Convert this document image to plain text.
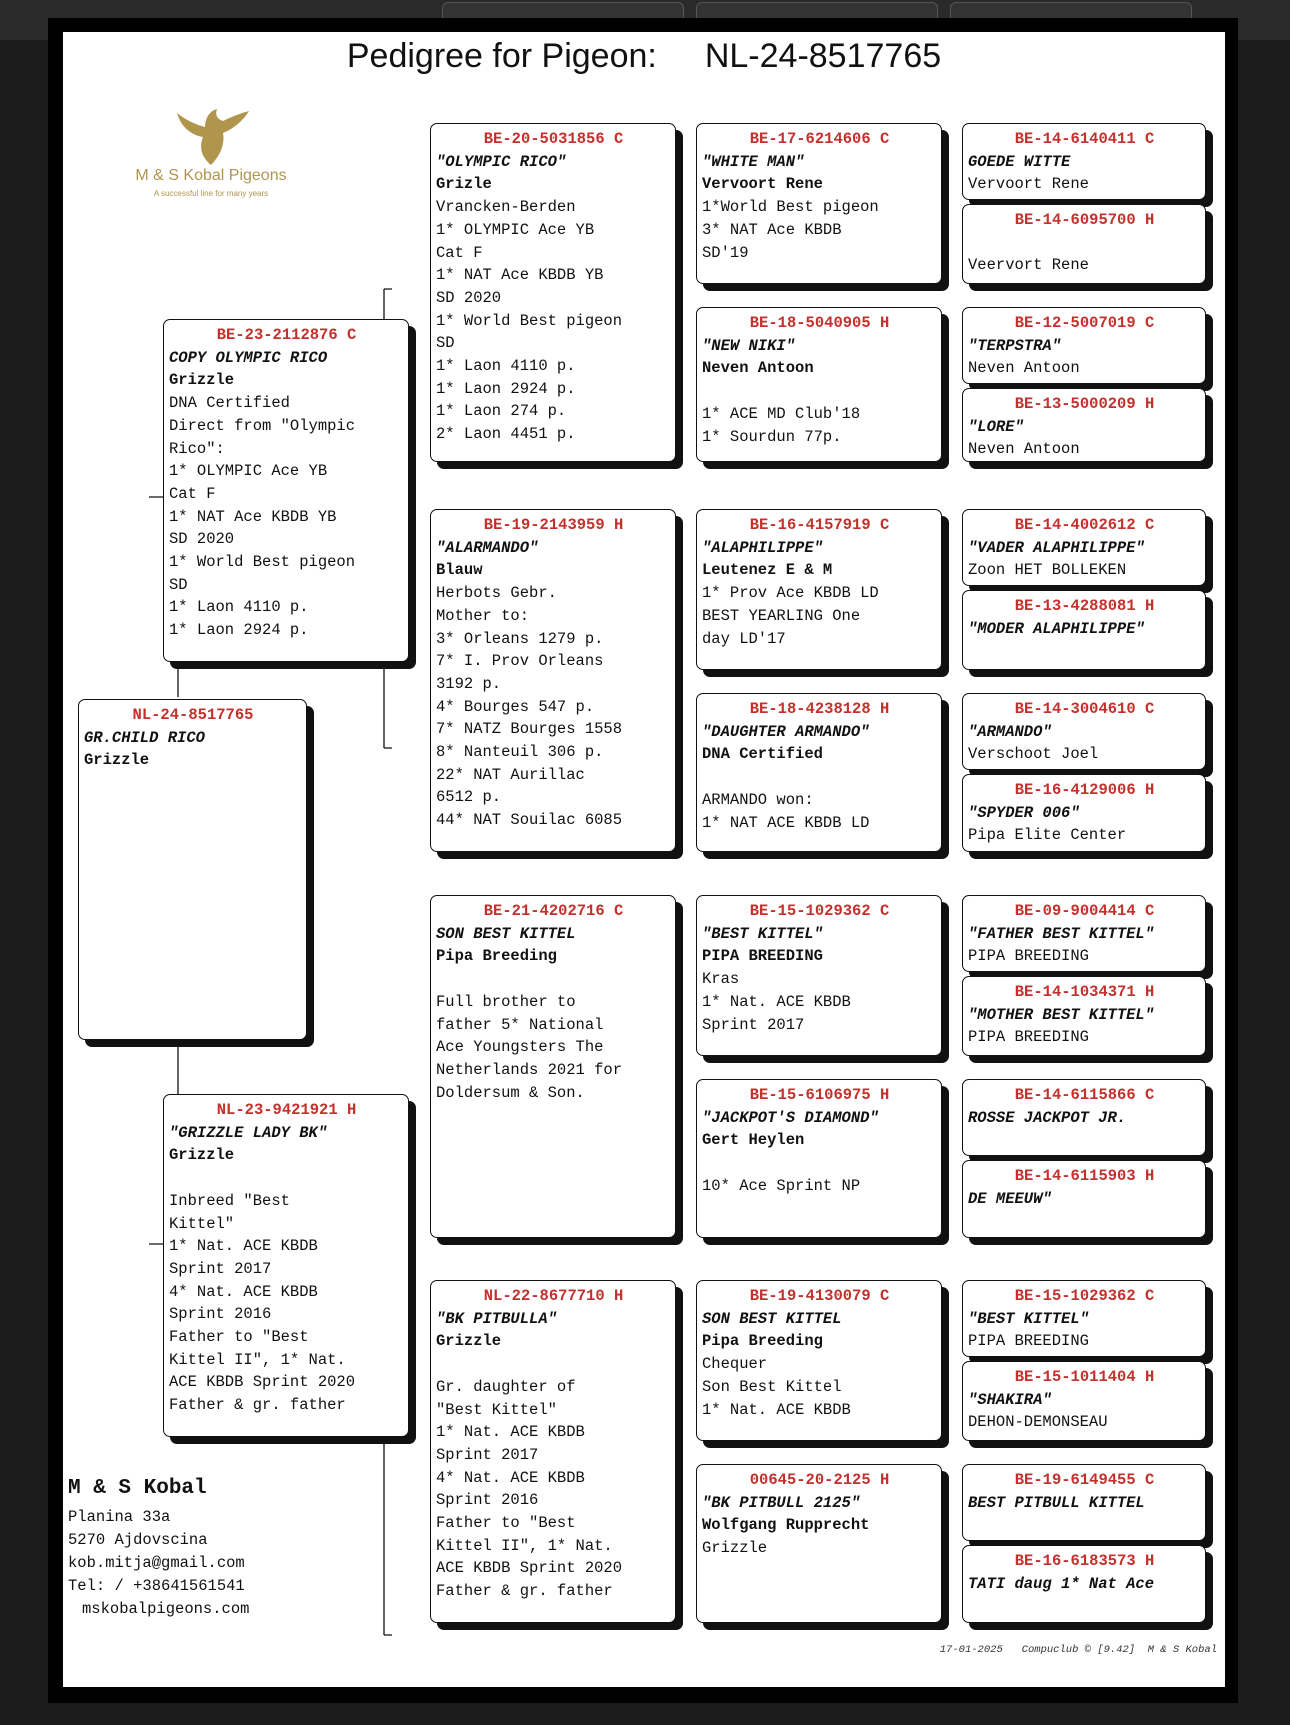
Pedigree for Pigeon: NL-24-8517765
M & S Kobal Pigeons
A successful line for many years
NL-24-8517765
GR.CHILD RICO
Grizzle
BE-23-2112876 C
COPY OLYMPIC RICO
Grizzle
DNA Certified
Direct from "Olympic
Rico":
1* OLYMPIC Ace YB
Cat F
1* NAT Ace KBDB YB
SD 2020
1* World Best pigeon
SD
1* Laon 4110 p.
1* Laon 2924 p.
NL-23-9421921 H
"GRIZZLE LADY BK"
Grizzle
Inbreed "Best
Kittel"
1* Nat. ACE KBDB
Sprint 2017
4* Nat. ACE KBDB
Sprint 2016
Father to "Best
Kittel II", 1* Nat.
ACE KBDB Sprint 2020
Father & gr. father
BE-20-5031856 C
"OLYMPIC RICO"
Grizle
Vrancken-Berden
1* OLYMPIC Ace YB
Cat F
1* NAT Ace KBDB YB
SD 2020
1* World Best pigeon
SD
1* Laon 4110 p.
1* Laon 2924 p.
1* Laon 274 p.
2* Laon 4451 p.
BE-19-2143959 H
"ALARMANDO"
Blauw
Herbots Gebr.
Mother to:
3* Orleans 1279 p.
7* I. Prov Orleans
3192 p.
4* Bourges 547 p.
7* NATZ Bourges 1558
8* Nanteuil 306 p.
22* NAT Aurillac
6512 p.
44* NAT Souilac 6085
BE-21-4202716 C
SON BEST KITTEL
Pipa Breeding
Full brother to
father 5* National
Ace Youngsters The
Netherlands 2021 for
Doldersum & Son.
NL-22-8677710 H
"BK PITBULLA"
Grizzle
Gr. daughter of
"Best Kittel"
1* Nat. ACE KBDB
Sprint 2017
4* Nat. ACE KBDB
Sprint 2016
Father to "Best
Kittel II", 1* Nat.
ACE KBDB Sprint 2020
Father & gr. father
BE-17-6214606 C
"WHITE MAN"
Vervoort Rene
1*World Best pigeon
3* NAT Ace KBDB
SD'19
BE-18-5040905 H
"NEW NIKI"
Neven Antoon
1* ACE MD Club'18
1* Sourdun 77p.
BE-16-4157919 C
"ALAPHILIPPE"
Leutenez E & M
1* Prov Ace KBDB LD
BEST YEARLING One
day LD'17
BE-18-4238128 H
"DAUGHTER ARMANDO"
DNA Certified
ARMANDO won:
1* NAT ACE KBDB LD
BE-15-1029362 C
"BEST KITTEL"
PIPA BREEDING
Kras
1* Nat. ACE KBDB
Sprint 2017
BE-15-6106975 H
"JACKPOT'S DIAMOND"
Gert Heylen
10* Ace Sprint NP
BE-19-4130079 C
SON BEST KITTEL
Pipa Breeding
Chequer
Son Best Kittel
1* Nat. ACE KBDB
00645-20-2125 H
"BK PITBULL 2125"
Wolfgang Rupprecht
Grizzle
BE-14-6140411 C
GOEDE WITTE
Vervoort Rene
BE-14-6095700 H
Veervort Rene
BE-12-5007019 C
"TERPSTRA"
Neven Antoon
BE-13-5000209 H
"LORE"
Neven Antoon
BE-14-4002612 C
"VADER ALAPHILIPPE"
Zoon HET BOLLEKEN
BE-13-4288081 H
"MODER ALAPHILIPPE"
BE-14-3004610 C
"ARMANDO"
Verschoot Joel
BE-16-4129006 H
"SPYDER 006"
Pipa Elite Center
BE-09-9004414 C
"FATHER BEST KITTEL"
PIPA BREEDING
BE-14-1034371 H
"MOTHER BEST KITTEL"
PIPA BREEDING
BE-14-6115866 C
ROSSE JACKPOT JR.
BE-14-6115903 H
DE MEEUW"
BE-15-1029362 C
"BEST KITTEL"
PIPA BREEDING
BE-15-1011404 H
"SHAKIRA"
DEHON-DEMONSEAU
BE-19-6149455 C
BEST PITBULL KITTEL
BE-16-6183573 H
TATI daug 1* Nat Ace
M & S Kobal
Planina 33a
5270 Ajdovscina
kob.mitja@gmail.com
Tel: / +38641561541
mskobalpigeons.com
17-01-2025   Compuclub © [9.42]  M & S Kobal
